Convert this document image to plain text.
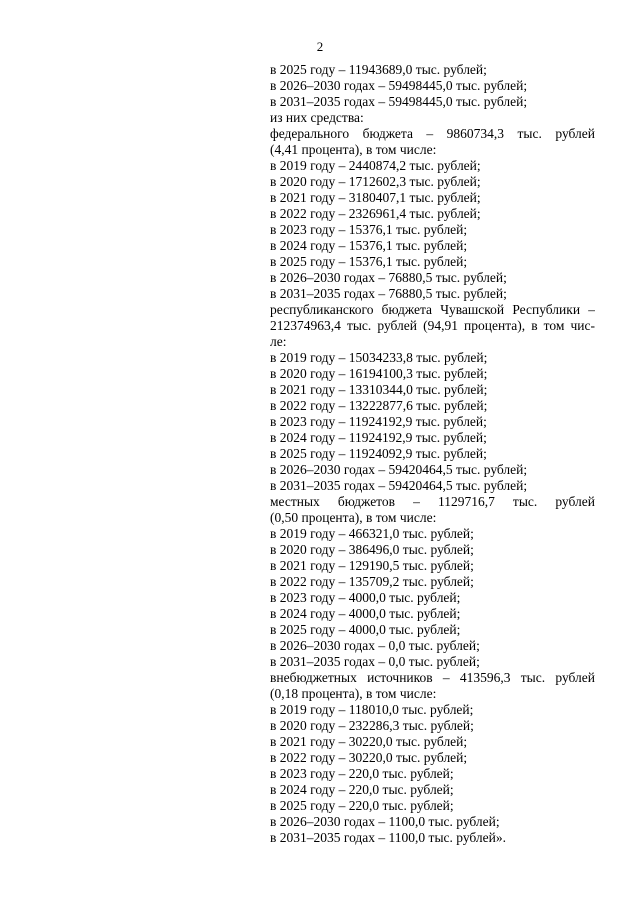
2
в 2025 году – 11943689,0 тыс. рублей;
в 2026–2030 годах – 59498445,0 тыс. рублей;
в 2031–2035 годах – 59498445,0 тыс. рублей;
из них средства:
федерального бюджета – 9860734,3 тыс. рублей
(4,41 процента), в том числе:
в 2019 году – 2440874,2 тыс. рублей;
в 2020 году – 1712602,3 тыс. рублей;
в 2021 году – 3180407,1 тыс. рублей;
в 2022 году – 2326961,4 тыс. рублей;
в 2023 году – 15376,1 тыс. рублей;
в 2024 году – 15376,1 тыс. рублей;
в 2025 году – 15376,1 тыс. рублей;
в 2026–2030 годах – 76880,5 тыс. рублей;
в 2031–2035 годах – 76880,5 тыс. рублей;
республиканского бюджета Чувашской Республики –
212374963,4 тыс. рублей (94,91 процента), в том чис-
ле:
в 2019 году – 15034233,8 тыс. рублей;
в 2020 году – 16194100,3 тыс. рублей;
в 2021 году – 13310344,0 тыс. рублей;
в 2022 году – 13222877,6 тыс. рублей;
в 2023 году – 11924192,9 тыс. рублей;
в 2024 году – 11924192,9 тыс. рублей;
в 2025 году – 11924092,9 тыс. рублей;
в 2026–2030 годах – 59420464,5 тыс. рублей;
в 2031–2035 годах – 59420464,5 тыс. рублей;
местных бюджетов – 1129716,7 тыс. рублей
(0,50 процента), в том числе:
в 2019 году – 466321,0 тыс. рублей;
в 2020 году – 386496,0 тыс. рублей;
в 2021 году – 129190,5 тыс. рублей;
в 2022 году – 135709,2 тыс. рублей;
в 2023 году – 4000,0 тыс. рублей;
в 2024 году – 4000,0 тыс. рублей;
в 2025 году – 4000,0 тыс. рублей;
в 2026–2030 годах – 0,0 тыс. рублей;
в 2031–2035 годах – 0,0 тыс. рублей;
внебюджетных источников – 413596,3 тыс. рублей
(0,18 процента), в том числе:
в 2019 году – 118010,0 тыс. рублей;
в 2020 году – 232286,3 тыс. рублей;
в 2021 году – 30220,0 тыс. рублей;
в 2022 году – 30220,0 тыс. рублей;
в 2023 году – 220,0 тыс. рублей;
в 2024 году – 220,0 тыс. рублей;
в 2025 году – 220,0 тыс. рублей;
в 2026–2030 годах – 1100,0 тыс. рублей;
в 2031–2035 годах – 1100,0 тыс. рублей».
